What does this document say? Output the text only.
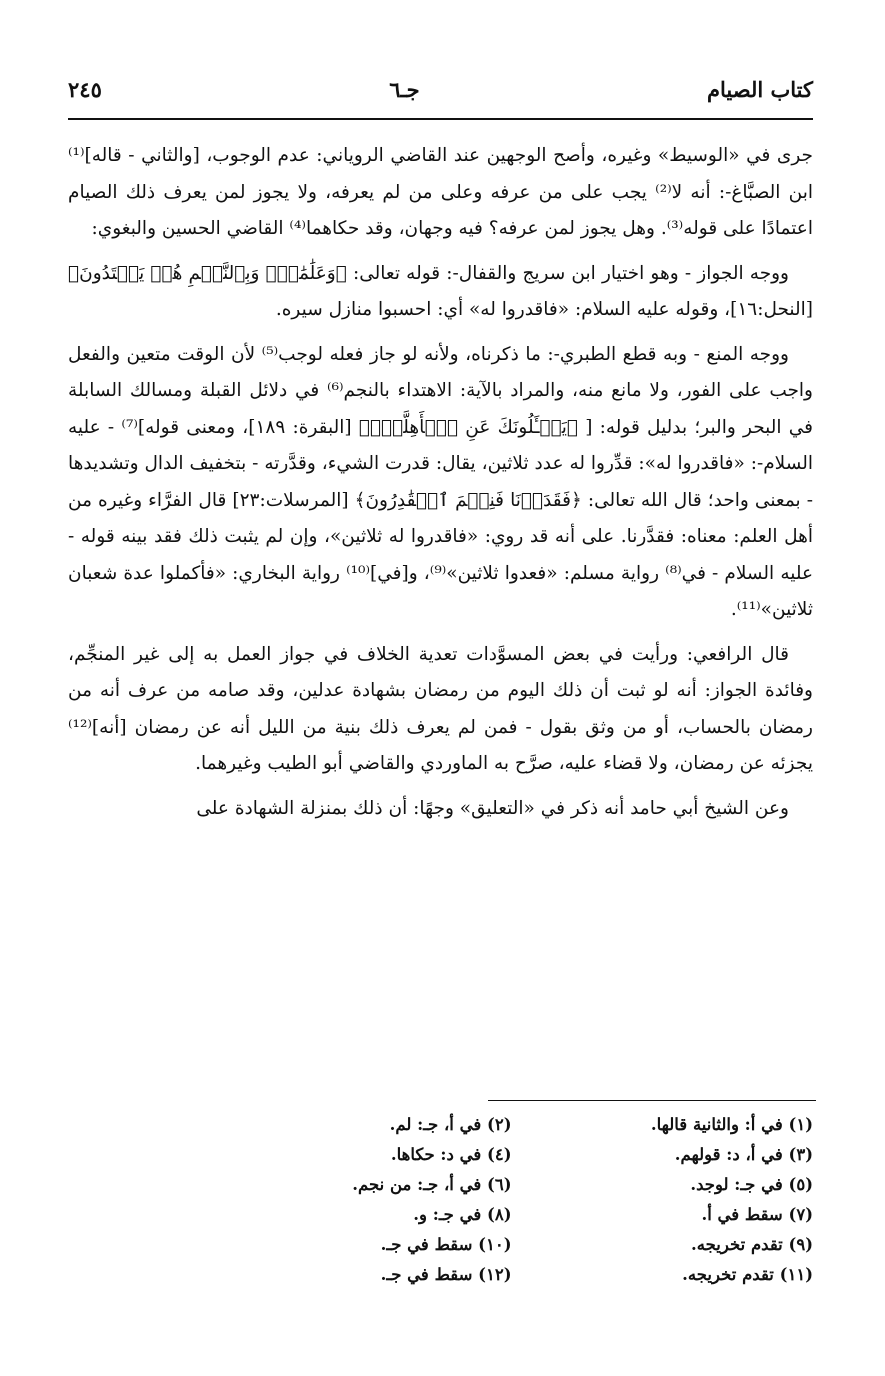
كتاب الصيام
جـ٦
٢٤٥

جرى في «الوسيط» وغيره، وأصح الوجهين عند القاضي الروياني: عدم الوجوب، [والثاني - قاله]⁽¹⁾ ابن الصبَّاغ-: أنه لا⁽²⁾ يجب على من عرفه وعلى من لم يعرفه، ولا يجوز لمن يعرف ذلك الصيام اعتمادًا على قوله⁽³⁾. وهل يجوز لمن عرفه؟ فيه وجهان، وقد حكاهما⁽⁴⁾ القاضي الحسين والبغوي:

ووجه الجواز - وهو اختيار ابن سريج والقفال-: قوله تعالى: ﴿وَعَلَٰمَٰتٍۚ وَبِٱلنَّجۡمِ هُمۡ يَهۡتَدُونَ﴾ [النحل:١٦]، وقوله عليه السلام: «فاقدروا له» أي: احسبوا منازل سيره.

ووجه المنع - وبه قطع الطبري-: ما ذكرناه، ولأنه لو جاز فعله لوجب⁽⁵⁾ لأن الوقت متعين والفعل واجب على الفور، ولا مانع منه، والمراد بالآية: الاهتداء بالنجم⁽⁶⁾ في دلائل القبلة ومسالك السابلة في البحر والبر؛ بدليل قوله: [ ﴿يَسۡـَٔلُونَكَ عَنِ ٱلۡأَهِلَّةِۖ﴾ [البقرة: ١٨٩]، ومعنى قوله]⁽⁷⁾ - عليه السلام-: «فاقدروا له»: قدِّروا له عدد ثلاثين، يقال: قدرت الشيء، وقدَّرته - بتخفيف الدال وتشديدها - بمعنى واحد؛ قال الله تعالى: ﴿فَقَدَرۡنَا فَنِعۡمَ ٱلۡقَٰدِرُونَ﴾ [المرسلات:٢٣] قال الفرَّاء وغيره من أهل العلم: معناه: فقدَّرنا. على أنه قد روي: «فاقدروا له ثلاثين»، وإن لم يثبت ذلك فقد بينه قوله - عليه السلام - في⁽⁸⁾ رواية مسلم: «فعدوا ثلاثين»⁽⁹⁾، و[في]⁽¹⁰⁾ رواية البخاري: «فأكملوا عدة شعبان ثلاثين»⁽¹¹⁾.

قال الرافعي: ورأيت في بعض المسوَّدات تعدية الخلاف في جواز العمل به إلى غير المنجِّم، وفائدة الجواز: أنه لو ثبت أن ذلك اليوم من رمضان بشهادة عدلين، وقد صامه من عرف أنه من رمضان بالحساب، أو من وثق بقول - فمن لم يعرف ذلك بنية من الليل أنه عن رمضان [أنه]⁽¹²⁾ يجزئه عن رمضان، ولا قضاء عليه، صرَّح به الماوردي والقاضي أبو الطيب وغيرهما.

وعن الشيخ أبي حامد أنه ذكر في «التعليق» وجهًا: أن ذلك بمنزلة الشهادة على

(١) في أ: والثانية قالها.
(٢) في أ، جـ: لم.
(٣) في أ، د: قولهم.
(٤) في د: حكاها.
(٥) في جـ: لوجد.
(٦) في أ، جـ: من نجم.
(٧) سقط في أ.
(٨) في جـ: و.
(٩) تقدم تخريجه.
(١٠) سقط في جـ.
(١١) تقدم تخريجه.
(١٢) سقط في جـ.
